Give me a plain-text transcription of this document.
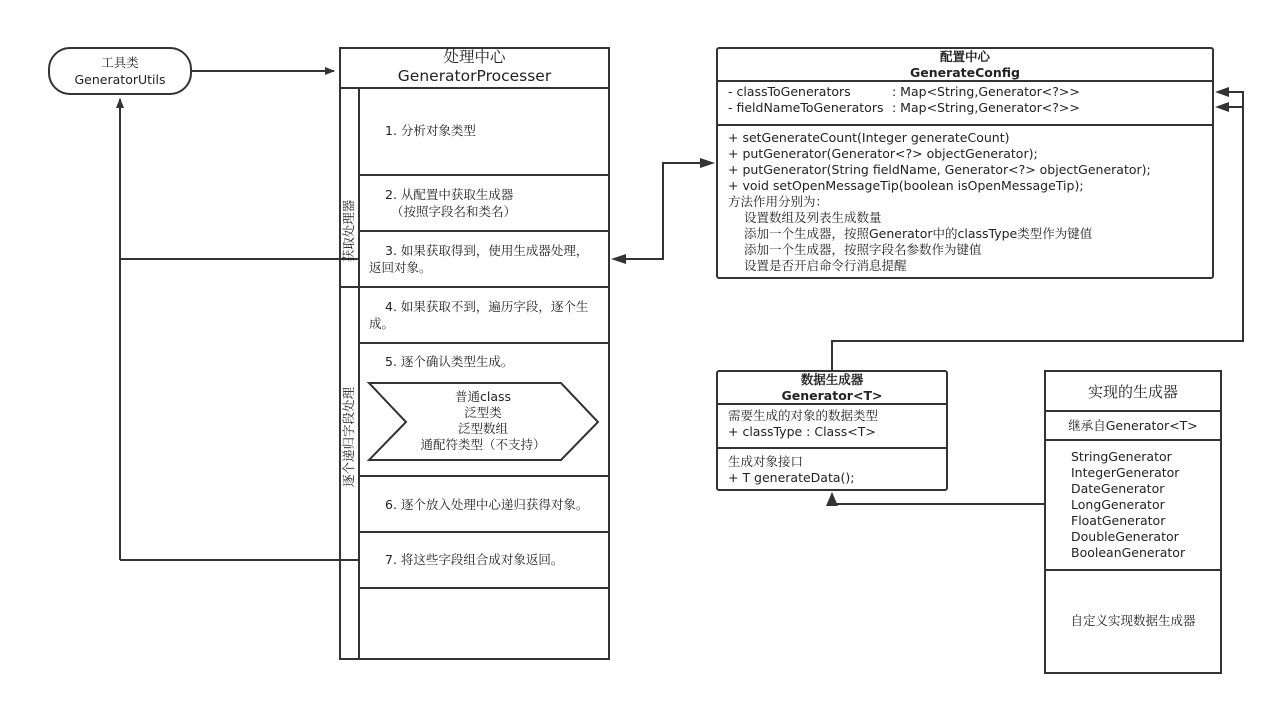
工具类
GeneratorUtils
处理中心
GeneratorProcesser
获取处理器
逐个递归字段处理
1. 分析对象类型
2. 从配置中获取生成器
（按照字段名和类名）
3. 如果获取得到，使用生成器处理，
返回对象。
4. 如果获取不到，遍历字段，逐个生
成。
5. 逐个确认类型生成。
普通class
泛型类
泛型数组
通配符类型（不支持）
6. 逐个放入处理中心递归获得对象。
7. 将这些字段组合成对象返回。
配置中心
GenerateConfig
- classToGenerators	: Map<String,Generator<?>>
- fieldNameToGenerators : Map<String,Generator<?>>
+ setGenerateCount(Integer generateCount)
+ putGenerator(Generator<?> objectGenerator);
+ putGenerator(String fieldName, Generator<?> objectGenerator);
+ void setOpenMessageTip(boolean isOpenMessageTip);
方法作用分别为：
设置数组及列表生成数量
添加一个生成器，按照Generator中的classType类型作为键值
添加一个生成器，按照字段名参数作为键值
设置是否开启命令行消息提醒
数据生成器
Generator<T>
需要生成的对象的数据类型
+ classType : Class<T>
生成对象接口
+ T generateData();
实现的生成器
继承自Generator<T>
StringGenerator
IntegerGenerator
DateGenerator
LongGenerator
FloatGenerator
DoubleGenerator
BooleanGenerator
自定义实现数据生成器
